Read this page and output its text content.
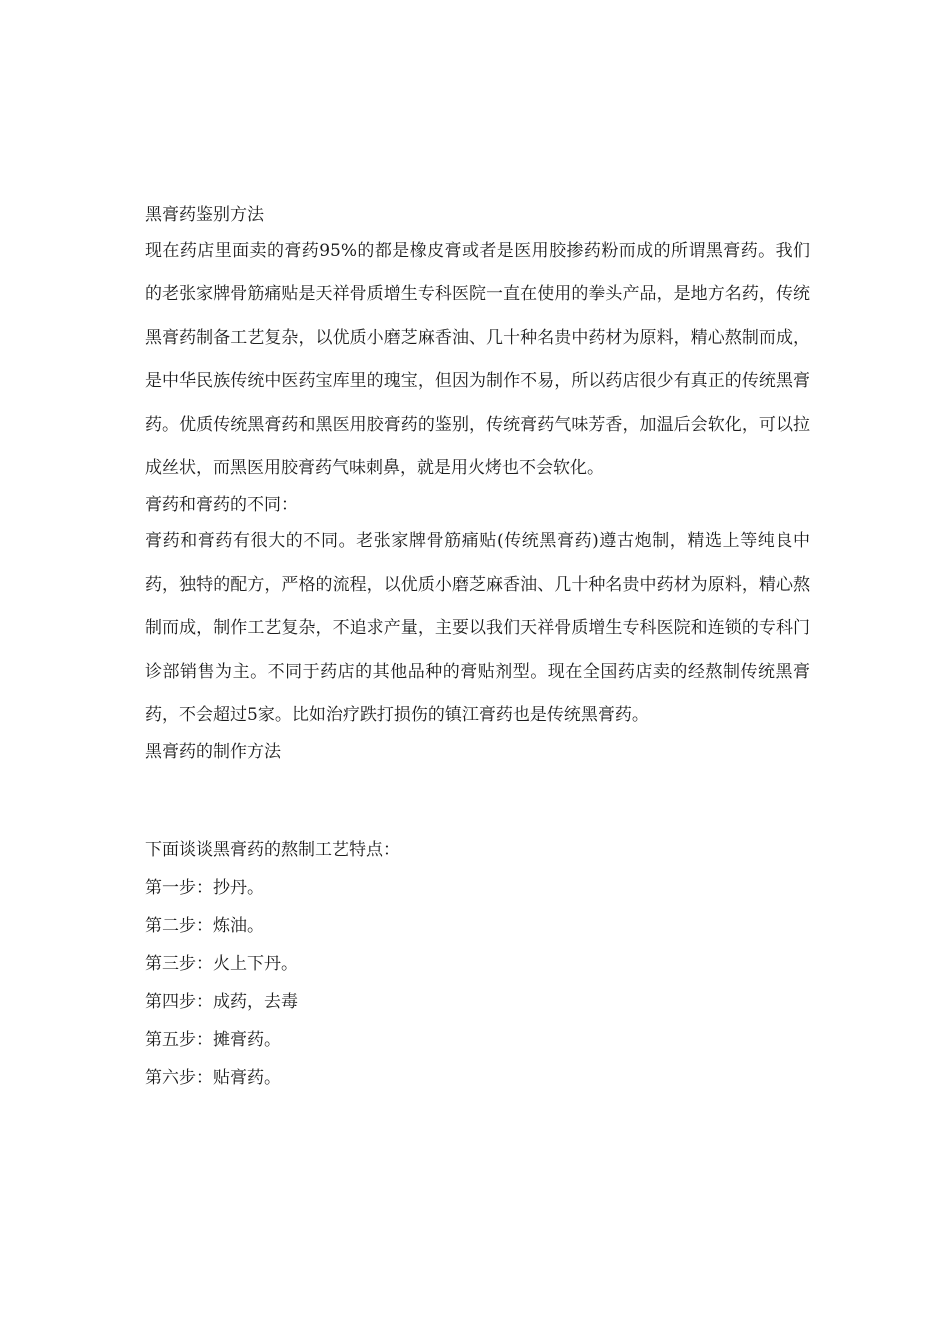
黑膏药鉴别方法

现在药店里面卖的膏药95%的都是橡皮膏或者是医用胶掺药粉而成的所谓黑膏药。我们的老张家牌骨筋痛贴是天祥骨质增生专科医院一直在使用的拳头产品，是地方名药，传统黑膏药制备工艺复杂，以优质小磨芝麻香油、几十种名贵中药材为原料，精心熬制而成，是中华民族传统中医药宝库里的瑰宝，但因为制作不易，所以药店很少有真正的传统黑膏药。优质传统黑膏药和黑医用胶膏药的鉴别，传统膏药气味芳香，加温后会软化，可以拉成丝状，而黑医用胶膏药气味刺鼻，就是用火烤也不会软化。

膏药和膏药的不同：

膏药和膏药有很大的不同。老张家牌骨筋痛贴(传统黑膏药)遵古炮制，精选上等纯良中药，独特的配方，严格的流程，以优质小磨芝麻香油、几十种名贵中药材为原料，精心熬制而成，制作工艺复杂，不追求产量，主要以我们天祥骨质增生专科医院和连锁的专科门诊部销售为主。不同于药店的其他品种的膏贴剂型。现在全国药店卖的经熬制传统黑膏药，不会超过5家。比如治疗跌打损伤的镇江膏药也是传统黑膏药。

黑膏药的制作方法

下面谈谈黑膏药的熬制工艺特点：

第一步：抄丹。

第二步：炼油。

第三步：火上下丹。

第四步：成药，去毒

第五步：摊膏药。

第六步：贴膏药。
